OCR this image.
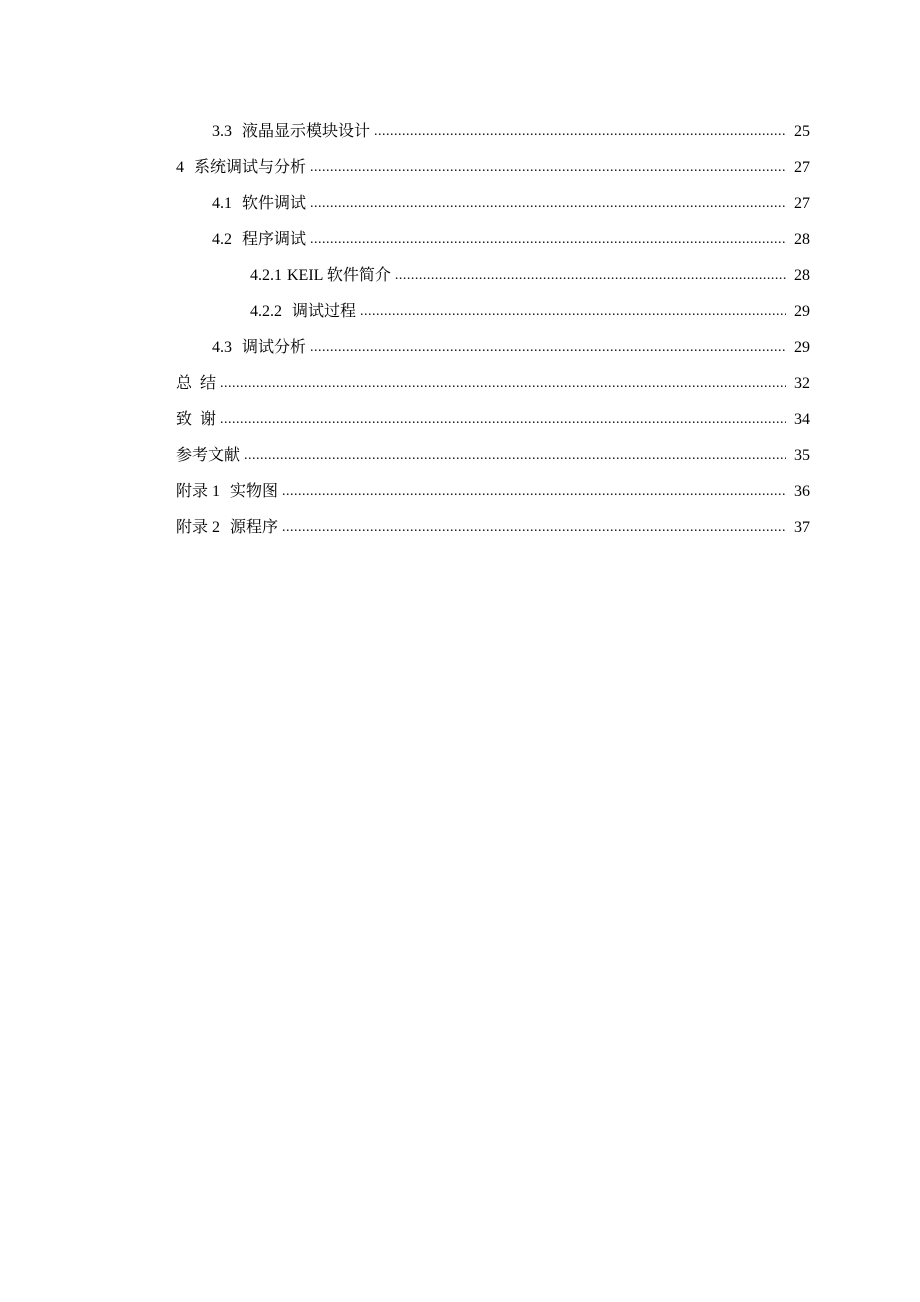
3.3 液晶显示模块设计 .....	25
4 系统调试与分析 .....	27
4.1 软件调试 .....	27
4.2 程序调试 .....	28
4.2.1 KEIL 软件简介 .....	28
4.2.2 调试过程 .....	29
4.3 调试分析 .....	29
总  结 .....	32
致  谢 .....	34
参考文献 .....	35
附录 1 实物图 .....	36
附录 2 源程序 .....	37
